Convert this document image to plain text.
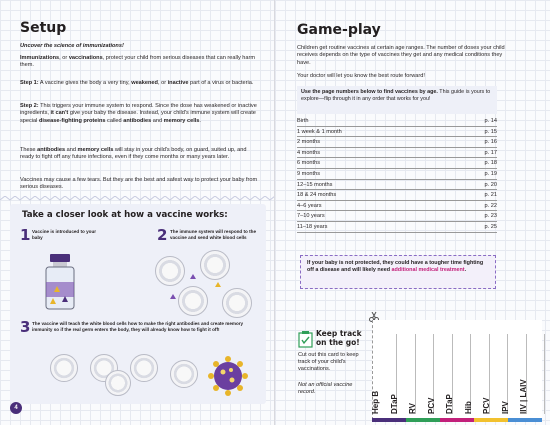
Setup
Uncover the science of immunizations!
Immunizations, or vaccinations, protect your child from serious diseases that can really harm them.
Step 1: A vaccine gives the body a very tiny, weakened, or inactive part of a virus or bacteria.
Step 2: This triggers your immune system to respond. Since the dose has weakened or inactive ingredients, it can't give your baby the disease. Instead, your child's immune system will create special disease-fighting proteins called antibodies and memory cells.
These antibodies and memory cells will stay in your child's body, on guard, suited up, and ready to fight off any future infections, even if they come months or many years later.
Vaccines may cause a few tears. But they are the best and safest way to protect your baby from serious diseases.
Take a closer look at how a vaccine works:
1 Vaccine is introduced to your baby	2 The immune system will respond to the vaccine and send white blood cells
3 The vaccine will teach the white blood cells how to make the right antibodies and create memory immunity so if the real germ enters the body, they will already know how to fight it off!
4
Game-play
Children get routine vaccines at certain age ranges. The number of doses your child receives depends on the type of vaccines they get and any medical conditions they have.
Your doctor will let you know the best route forward!
Use the page numbers below to find vaccines by age. This guide is yours to explore—flip through it in any order that works for you!
Birth	p. 14
1 week & 1 month	p. 15
2 months	p. 16
4 months	p. 17
6 months	p. 18
9 months	p. 19
12–15 months	p. 20
18 & 24 months	p. 21
4–6 years	p. 22
7–10 years	p. 23
11–18 years	p. 25
If your baby is not protected, they could have a tougher time fighting off a disease and will likely need additional medical treatment.
Keep track on the go!
Cut out this card to keep track of your child's vaccinations.
Not an official vaccine record.	Hep B DTaP RV PCV DTaP Hib PCV IPV IIV | LAIV
